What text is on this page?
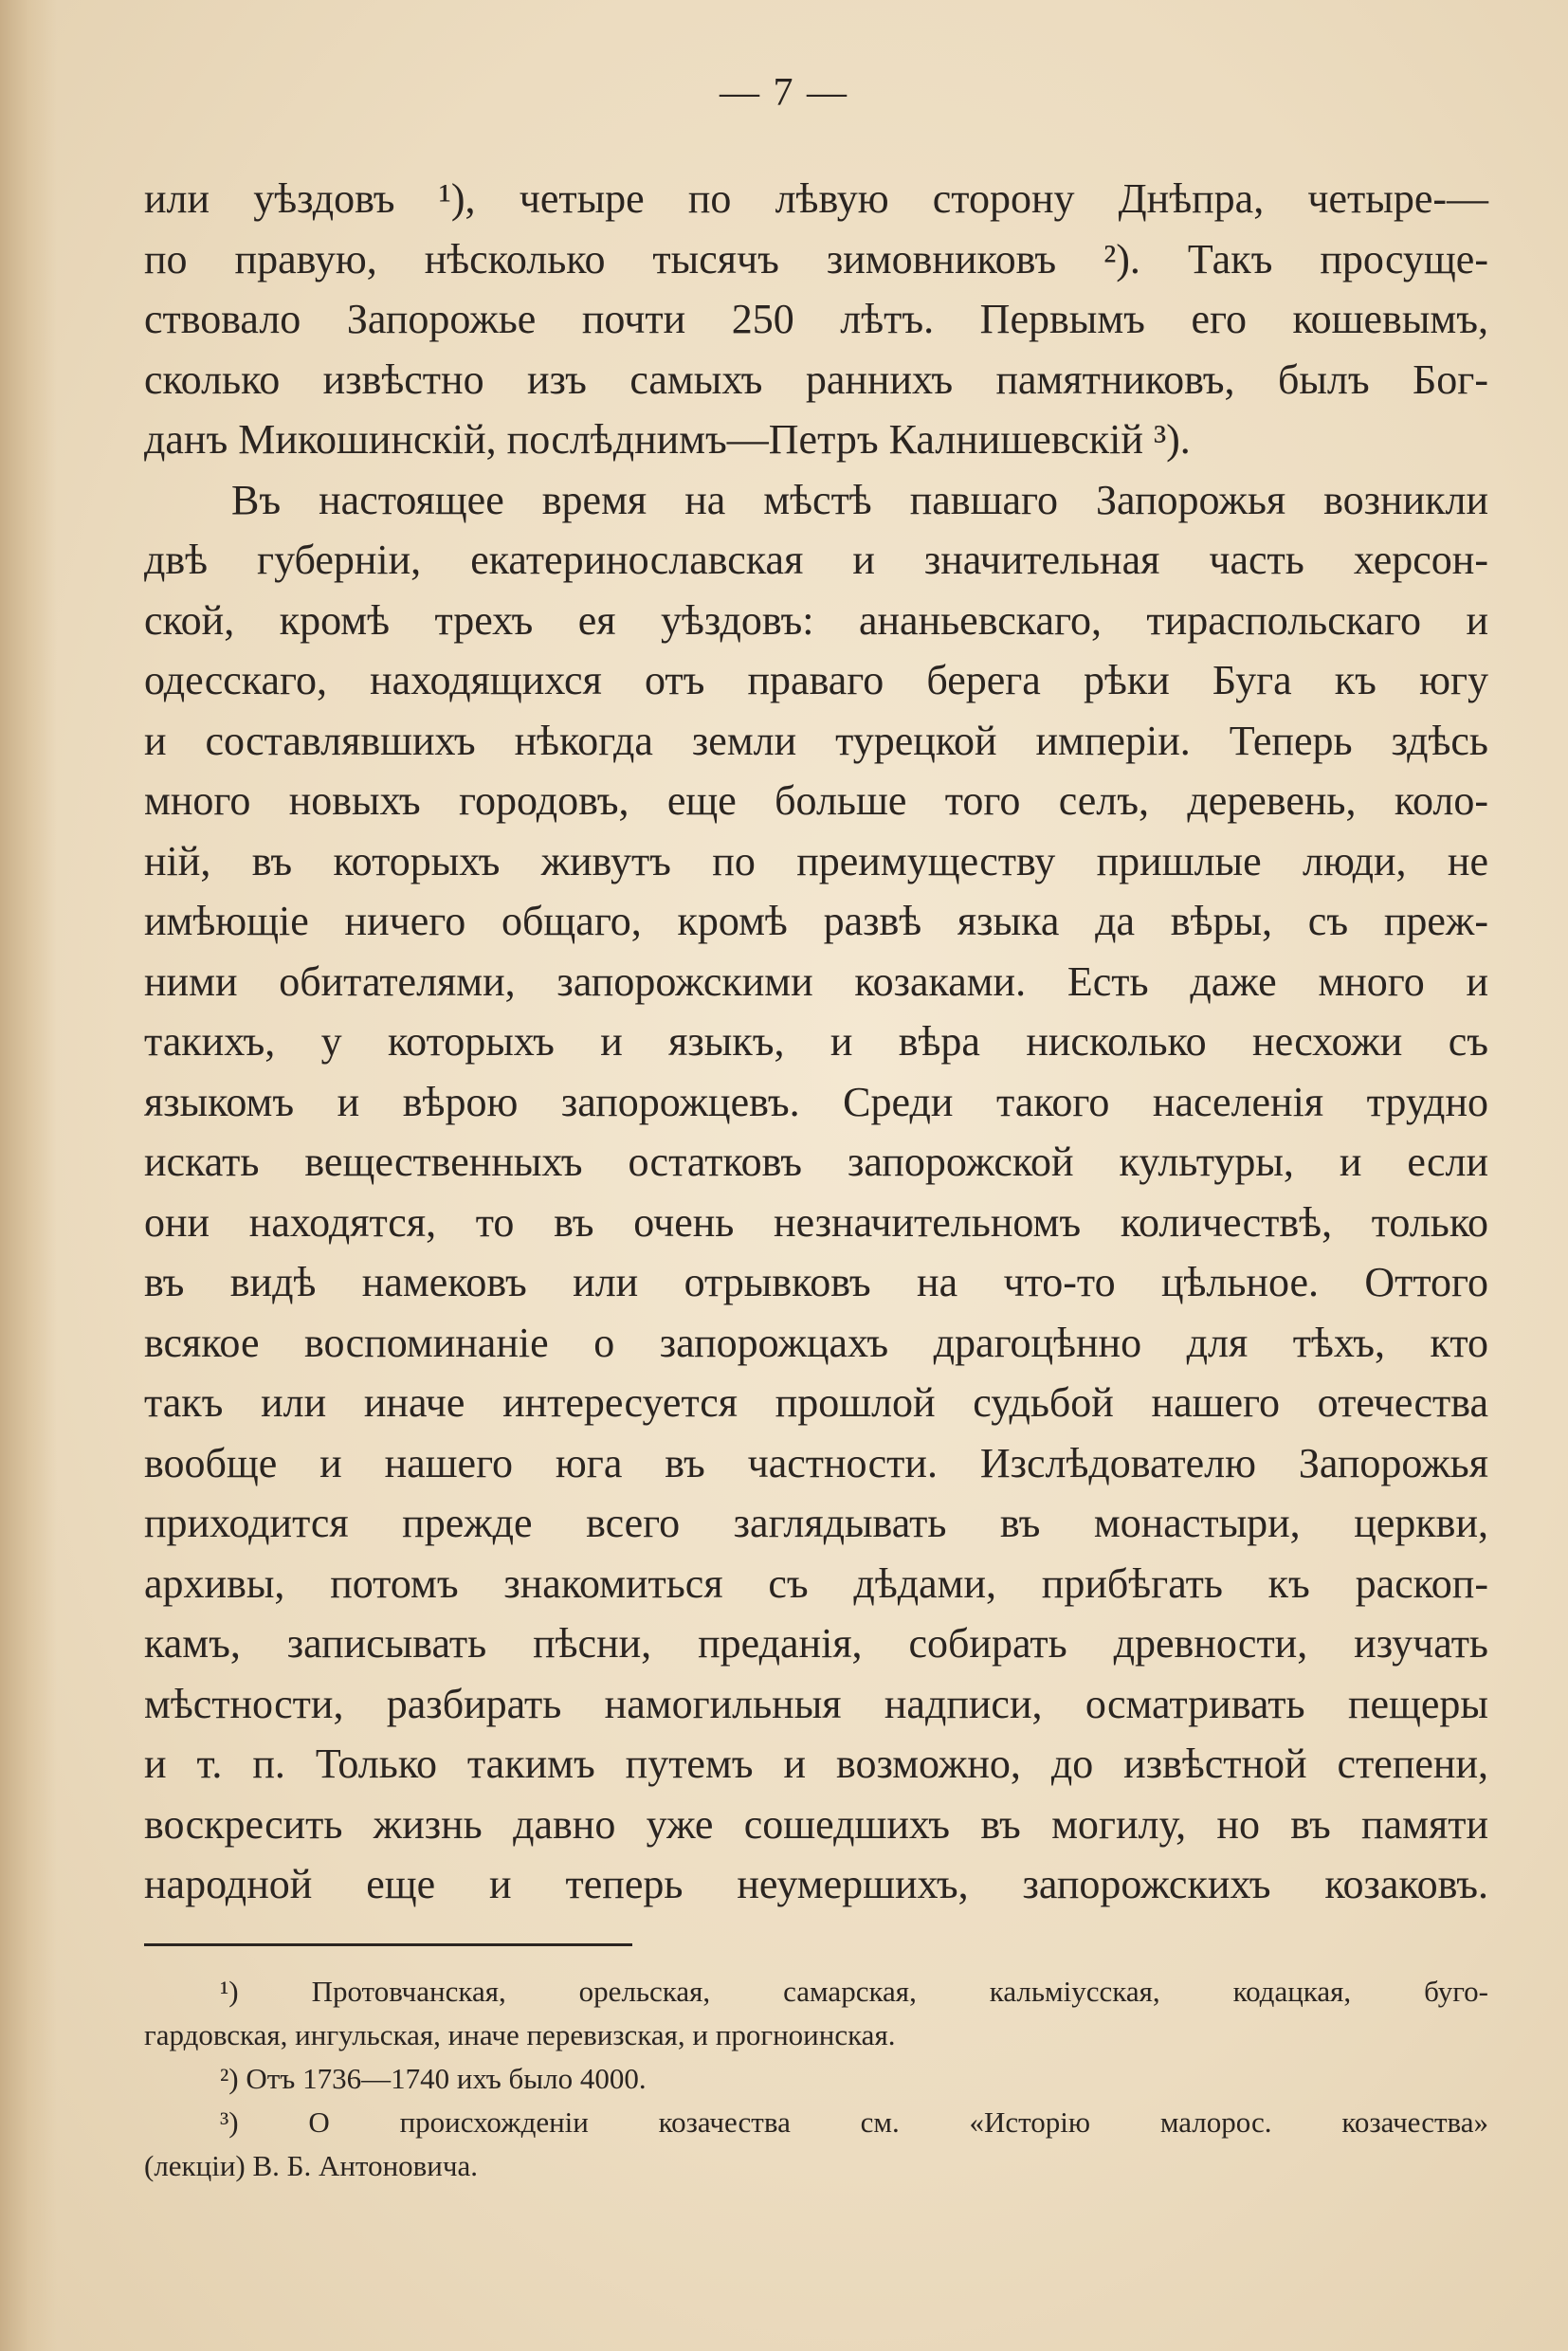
— 7 —
или уѣздовъ ¹), четыре по лѣвую сторону Днѣпра, четыре-—
по правую, нѣсколько тысячъ зимовниковъ ²). Такъ просуще-
ствовало Запорожье почти 250 лѣтъ. Первымъ его кошевымъ,
сколько извѣстно изъ самыхъ раннихъ памятниковъ, былъ Бог-
данъ Микошинскій, послѣднимъ—Петръ Калнишевскій ³).
Въ настоящее время на мѣстѣ павшаго Запорожья возникли
двѣ губерніи, екатеринославская и значительная часть херсон-
ской, кромѣ трехъ ея уѣздовъ: ананьевскаго, тираспольскаго и
одесскаго, находящихся отъ праваго берега рѣки Буга къ югу
и составлявшихъ нѣкогда земли турецкой имперіи. Теперь здѣсь
много новыхъ городовъ, еще больше того селъ, деревень, коло-
ній, въ которыхъ живутъ по преимуществу пришлые люди, не
имѣющіе ничего общаго, кромѣ развѣ языка да вѣры, съ преж-
ними обитателями, запорожскими козаками. Есть даже много и
такихъ, у которыхъ и языкъ, и вѣра нисколько несхожи съ
языкомъ и вѣрою запорожцевъ. Среди такого населенія трудно
искать вещественныхъ остатковъ запорожской культуры, и если
они находятся, то въ очень незначительномъ количествѣ, только
въ видѣ намековъ или отрывковъ на что-то цѣльное. Оттого
всякое воспоминаніе о запорожцахъ драгоцѣнно для тѣхъ, кто
такъ или иначе интересуется прошлой судьбой нашего отечества
вообще и нашего юга въ частности. Изслѣдователю Запорожья
приходится прежде всего заглядывать въ монастыри, церкви,
архивы, потомъ знакомиться съ дѣдами, прибѣгать къ раскоп-
камъ, записывать пѣсни, преданія, собирать древности, изучать
мѣстности, разбирать намогильныя надписи, осматривать пещеры
и т. п. Только такимъ путемъ и возможно, до извѣстной степени,
воскресить жизнь давно уже сошедшихъ въ могилу, но въ памяти
народной еще и теперь неумершихъ, запорожскихъ козаковъ.
¹) Протовчанская, орельская, самарская, кальміусская, кодацкая, буго-
гардовская, ингульская, иначе перевизская, и прогноинская.
²) Отъ 1736—1740 ихъ было 4000.
³) О происхожденіи козачества см. «Исторію малорос. козачества»
(лекціи) В. Б. Антоновича.
